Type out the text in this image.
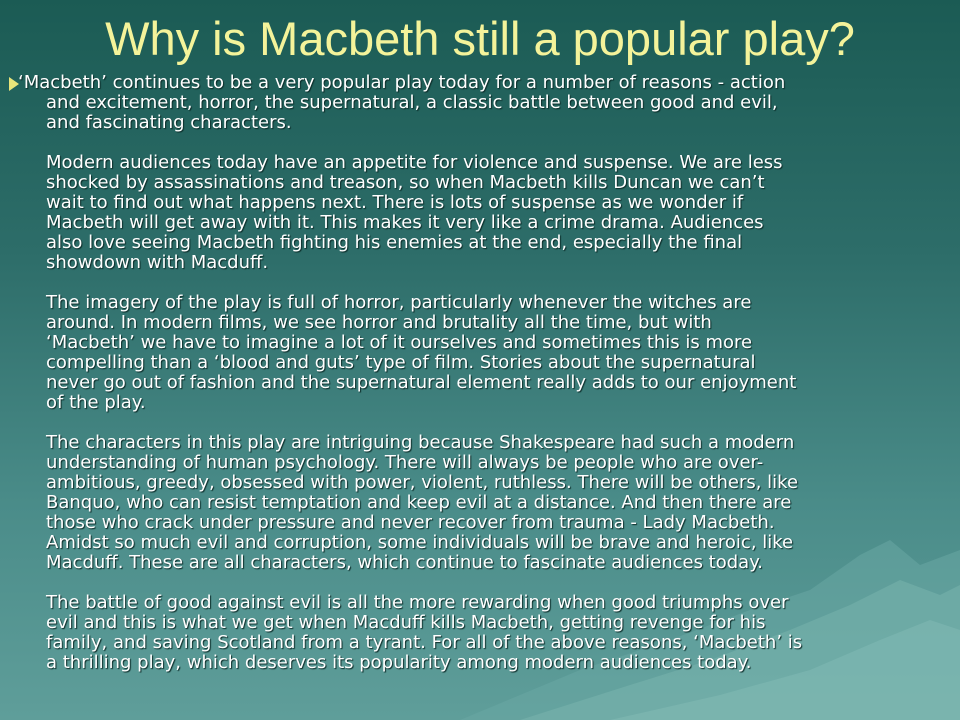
Why is Macbeth still a popular play?
‘Macbeth’ continues to be a very popular play today for a number of reasons - action
and excitement, horror, the supernatural, a classic battle between good and evil,
and fascinating characters.
Modern audiences today have an appetite for violence and suspense. We are less
shocked by assassinations and treason, so when Macbeth kills Duncan we can’t
wait to find out what happens next. There is lots of suspense as we wonder if
Macbeth will get away with it. This makes it very like a crime drama. Audiences
also love seeing Macbeth fighting his enemies at the end, especially the final
showdown with Macduff.
The imagery of the play is full of horror, particularly whenever the witches are
around. In modern films, we see horror and brutality all the time, but with
‘Macbeth’ we have to imagine a lot of it ourselves and sometimes this is more
compelling than a ‘blood and guts’ type of film. Stories about the supernatural
never go out of fashion and the supernatural element really adds to our enjoyment
of the play.
The characters in this play are intriguing because Shakespeare had such a modern
understanding of human psychology. There will always be people who are over-
ambitious, greedy, obsessed with power, violent, ruthless. There will be others, like
Banquo, who can resist temptation and keep evil at a distance. And then there are
those who crack under pressure and never recover from trauma - Lady Macbeth.
Amidst so much evil and corruption, some individuals will be brave and heroic, like
Macduff. These are all characters, which continue to fascinate audiences today.
The battle of good against evil is all the more rewarding when good triumphs over
evil and this is what we get when Macduff kills Macbeth, getting revenge for his
family, and saving Scotland from a tyrant. For all of the above reasons, ‘Macbeth’ is
a thrilling play, which deserves its popularity among modern audiences today.
